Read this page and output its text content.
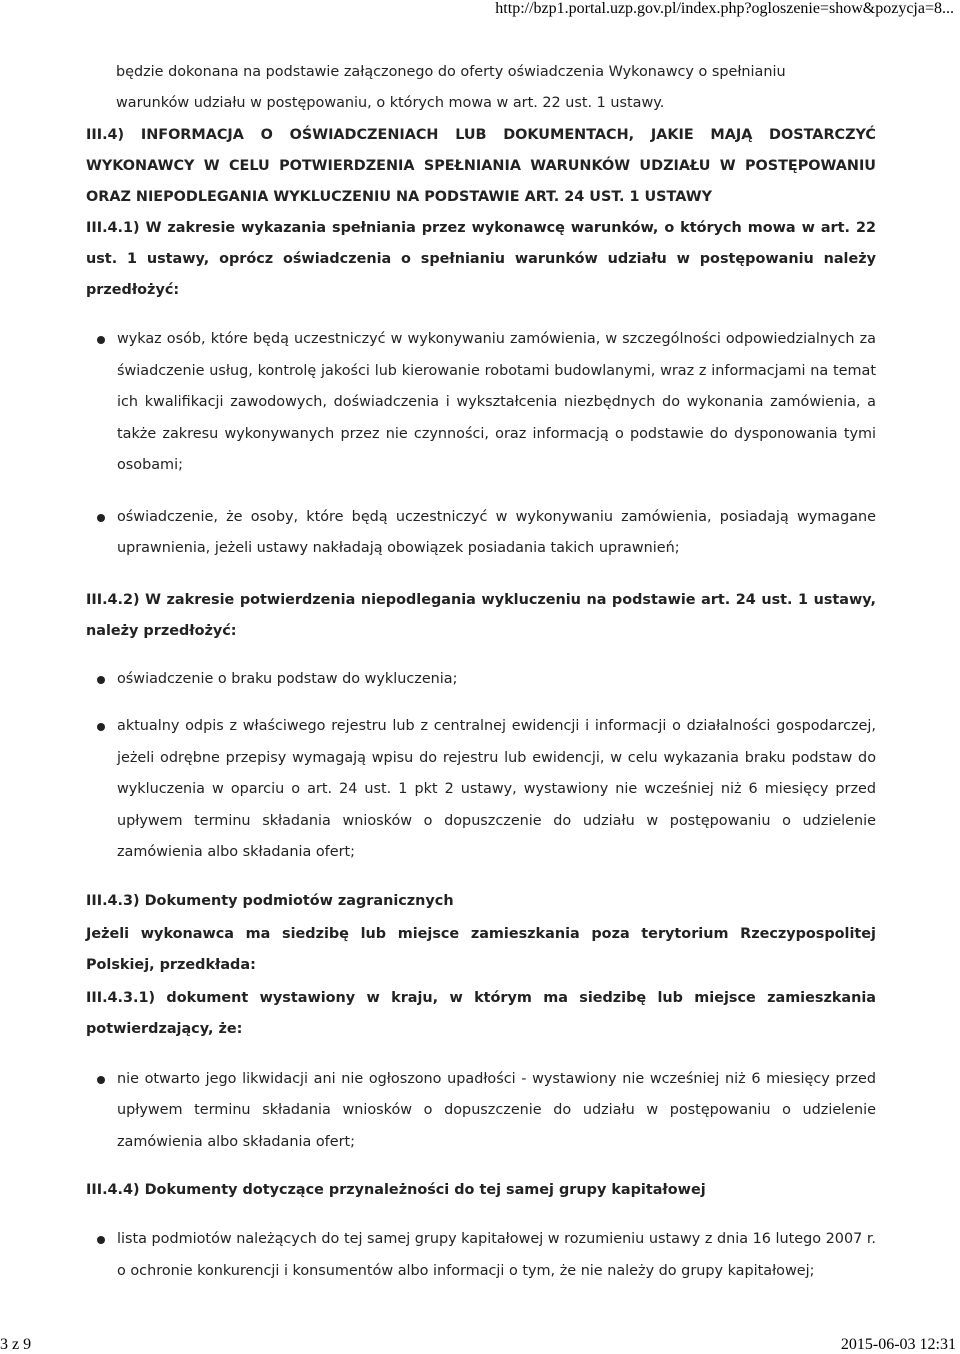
http://bzp1.portal.uzp.gov.pl/index.php?ogloszenie=show&pozycja=8...

będzie dokonana na podstawie załączonego do oferty oświadczenia Wykonawcy o spełnianiu

warunków udziału w postępowaniu, o których mowa w art. 22 ust. 1 ustawy.

III.4) INFORMACJA O OŚWIADCZENIACH LUB DOKUMENTACH, JAKIE MAJĄ DOSTARCZYĆ WYKONAWCY W CELU POTWIERDZENIA SPEŁNIANIA WARUNKÓW UDZIAŁU W POSTĘPOWANIU ORAZ NIEPODLEGANIA WYKLUCZENIU NA PODSTAWIE ART. 24 UST. 1 USTAWY

III.4.1) W zakresie wykazania spełniania przez wykonawcę warunków, o których mowa w art. 22 ust. 1 ustawy, oprócz oświadczenia o spełnianiu warunków udziału w postępowaniu należy przedłożyć:

wykaz osób, które będą uczestniczyć w wykonywaniu zamówienia, w szczególności odpowiedzialnych za świadczenie usług, kontrolę jakości lub kierowanie robotami budowlanymi, wraz z informacjami na temat ich kwalifikacji zawodowych, doświadczenia i wykształcenia niezbędnych do wykonania zamówienia, a także zakresu wykonywanych przez nie czynności, oraz informacją o podstawie do dysponowania tymi osobami;
oświadczenie, że osoby, które będą uczestniczyć w wykonywaniu zamówienia, posiadają wymagane uprawnienia, jeżeli ustawy nakładają obowiązek posiadania takich uprawnień;

III.4.2) W zakresie potwierdzenia niepodlegania wykluczeniu na podstawie art. 24 ust. 1 ustawy, należy przedłożyć:

oświadczenie o braku podstaw do wykluczenia;
aktualny odpis z właściwego rejestru lub z centralnej ewidencji i informacji o działalności gospodarczej, jeżeli odrębne przepisy wymagają wpisu do rejestru lub ewidencji, w celu wykazania braku podstaw do wykluczenia w oparciu o art. 24 ust. 1 pkt 2 ustawy, wystawiony nie wcześniej niż 6 miesięcy przed upływem terminu składania wniosków o dopuszczenie do udziału w postępowaniu o udzielenie zamówienia albo składania ofert;

III.4.3) Dokumenty podmiotów zagranicznych

Jeżeli wykonawca ma siedzibę lub miejsce zamieszkania poza terytorium Rzeczypospolitej Polskiej, przedkłada:

III.4.3.1) dokument wystawiony w kraju, w którym ma siedzibę lub miejsce zamieszkania potwierdzający, że:

nie otwarto jego likwidacji ani nie ogłoszono upadłości - wystawiony nie wcześniej niż 6 miesięcy przed upływem terminu składania wniosków o dopuszczenie do udziału w postępowaniu o udzielenie zamówienia albo składania ofert;

III.4.4) Dokumenty dotyczące przynależności do tej samej grupy kapitałowej

lista podmiotów należących do tej samej grupy kapitałowej w rozumieniu ustawy z dnia 16 lutego 2007 r. o ochronie konkurencji i konsumentów albo informacji o tym, że nie należy do grupy kapitałowej;
3 z 9	2015-06-03 12:31
